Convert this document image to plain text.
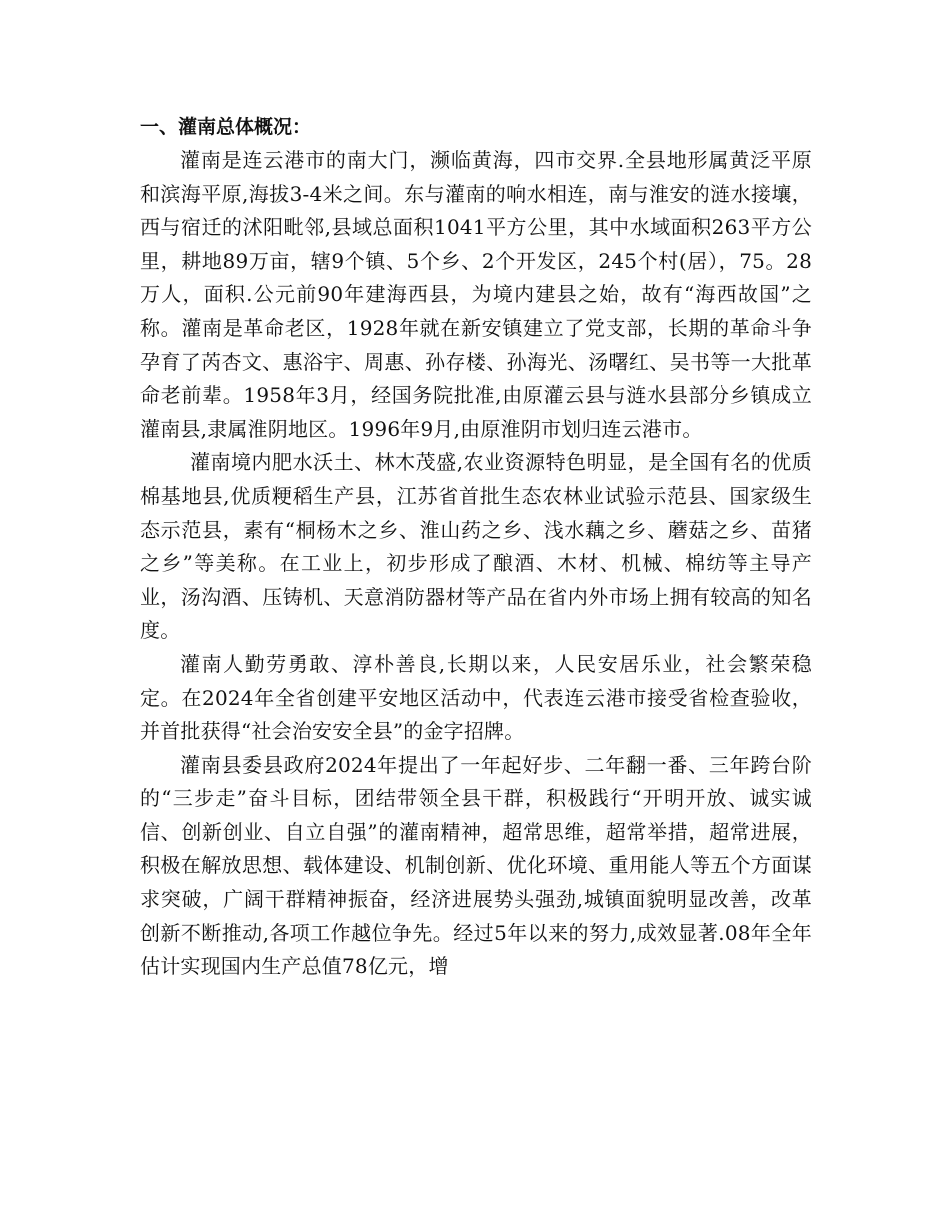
一、灌南总体概况：

灌南是连云港市的南大门，濒临黄海，四市交界.全县地形属黄泛平原和滨海平原,海拔3-4米之间。东与灌南的响水相连，南与淮安的涟水接壤，西与宿迁的沭阳毗邻,县域总面积1041平方公里，其中水域面积263平方公里，耕地89万亩，辖9个镇、5个乡、2个开发区，245个村(居），75。28万人，面积.公元前90年建海西县，为境内建县之始，故有“海西故国”之称。灌南是革命老区，1928年就在新安镇建立了党支部，长期的革命斗争孕育了芮杏文、惠浴宇、周惠、孙存楼、孙海光、汤曙红、吴书等一大批革命老前辈。1958年3月，经国务院批准,由原灌云县与涟水县部分乡镇成立灌南县,隶属淮阴地区。1996年9月,由原淮阴市划归连云港市。

灌南境内肥水沃土、林木茂盛,农业资源特色明显，是全国有名的优质棉基地县,优质粳稻生产县，江苏省首批生态农林业试验示范县、国家级生态示范县，素有“桐杨木之乡、淮山药之乡、浅水藕之乡、蘑菇之乡、苗猪之乡”等美称。在工业上，初步形成了酿酒、木材、机械、棉纺等主导产业，汤沟酒、压铸机、天意消防器材等产品在省内外市场上拥有较高的知名度。

灌南人勤劳勇敢、淳朴善良,长期以来，人民安居乐业，社会繁荣稳定。在2024年全省创建平安地区活动中，代表连云港市接受省检查验收，并首批获得“社会治安安全县”的金字招牌。

灌南县委县政府2024年提出了一年起好步、二年翻一番、三年跨台阶的“三步走”奋斗目标，团结带领全县干群，积极践行“开明开放、诚实诚信、创新创业、自立自强”的灌南精神，超常思维，超常举措，超常进展，积极在解放思想、载体建设、机制创新、优化环境、重用能人等五个方面谋求突破，广阔干群精神振奋，经济进展势头强劲,城镇面貌明显改善，改革创新不断推动,各项工作越位争先。经过5年以来的努力,成效显著.08年全年估计实现国内生产总值78亿元，增
